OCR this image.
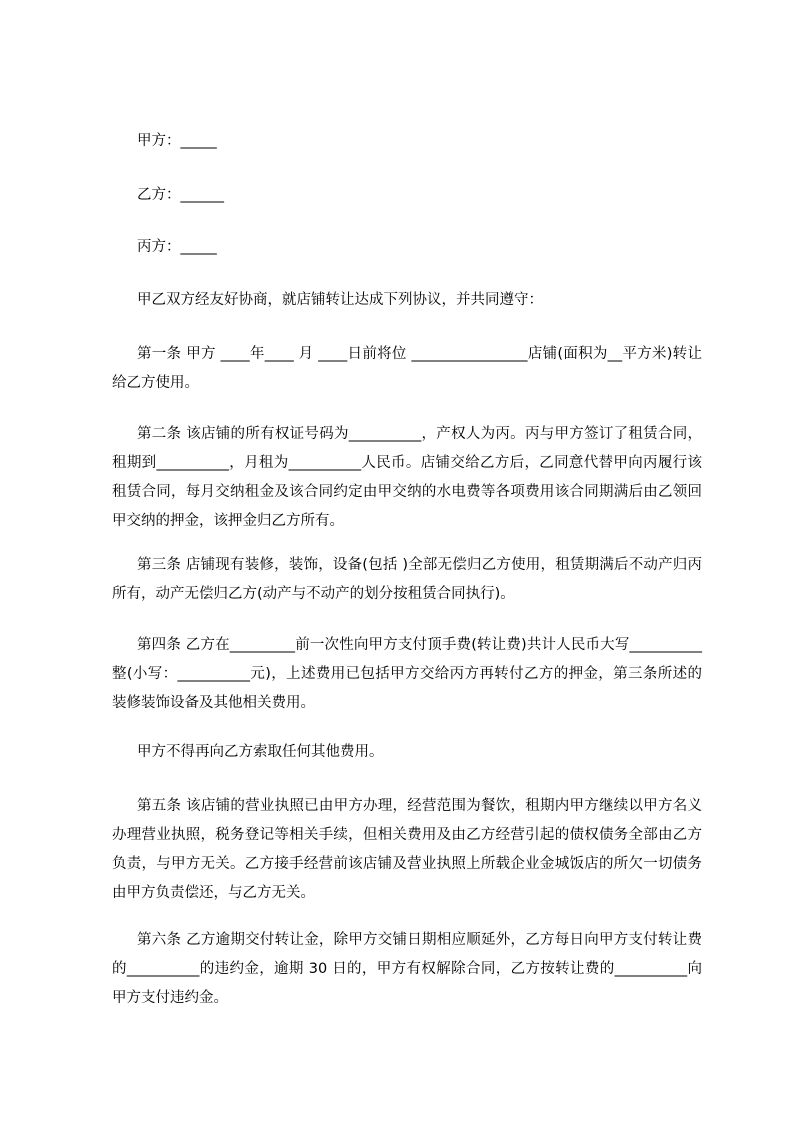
甲方：_____

乙方：______

丙方：_____

甲乙双方经友好协商，就店铺转让达成下列协议，并共同遵守：

第一条 甲方 ____年____ 月 ____日前将位 ________________店铺(面积为__平方米)转让给乙方使用。

第二条 该店铺的所有权证号码为__________，产权人为丙。丙与甲方签订了租赁合同，租期到__________，月租为__________人民币。店铺交给乙方后，乙同意代替甲向丙履行该租赁合同，每月交纳租金及该合同约定由甲交纳的水电费等各项费用该合同期满后由乙领回甲交纳的押金，该押金归乙方所有。

第三条 店铺现有装修，装饰，设备(包括 )全部无偿归乙方使用，租赁期满后不动产归丙所有，动产无偿归乙方(动产与不动产的划分按租赁合同执行)。

第四条 乙方在_________前一次性向甲方支付顶手费(转让费)共计人民币大写__________整(小写：__________元)，上述费用已包括甲方交给丙方再转付乙方的押金，第三条所述的装修装饰设备及其他相关费用。

甲方不得再向乙方索取任何其他费用。

第五条 该店铺的营业执照已由甲方办理，经营范围为餐饮，租期内甲方继续以甲方名义办理营业执照，税务登记等相关手续，但相关费用及由乙方经营引起的债权债务全部由乙方负责，与甲方无关。乙方接手经营前该店铺及营业执照上所载企业金城饭店的所欠一切债务由甲方负责偿还，与乙方无关。

第六条 乙方逾期交付转让金，除甲方交铺日期相应顺延外，乙方每日向甲方支付转让费的__________的违约金，逾期 30 日的，甲方有权解除合同，乙方按转让费的__________向甲方支付违约金。
